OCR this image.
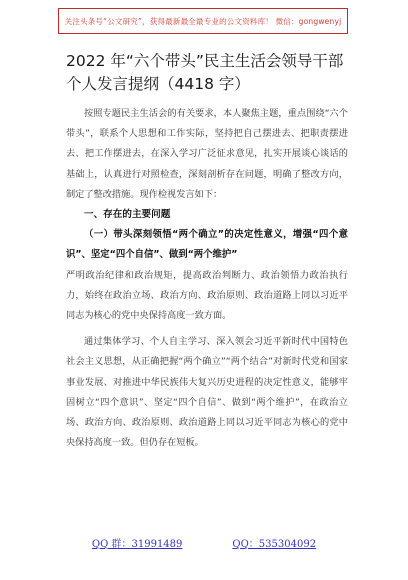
关注头条号“公文研究”，获得最新最全最专业的公文资料库！ 微信：gongwenyj
2022 年“六个带头”民主生活会领导干部个人发言提纲（4418 字）

按照专题民主生活会的有关要求，本人聚焦主题，重点围绕“六个带头”，联系个人思想和工作实际，坚持把自己摆进去、把职责摆进去、把工作摆进去，在深入学习广泛征求意见，扎实开展谈心谈话的基础上，认真进行对照检查，深刻剖析存在问题，明确了整改方向，制定了整改措施。现作检视发言如下：

一、存在的主要问题

（一）带头深刻领悟“两个确立”的决定性意义，增强“四个意识”、坚定“四个自信”、做到“两个维护”

严明政治纪律和政治规矩，提高政治判断力、政治领悟力政治执行力，始终在政治立场、政治方向、政治原则、政治道路上同以习近平同志为核心的党中央保持高度一致方面。

通过集体学习、个人自主学习、深入领会习近平新时代中国特色社会主义思想，从正确把握“两个确立”“两个结合”对新时代党和国家事业发展、对推进中华民族伟大复兴历史进程的决定性意义，能够牢固树立“四个意识”、坚定“四个自信”、做到“两个维护”，在政治立场、政治方向、政治原则、政治道路上同以习近平同志为核心的党中央保持高度一致。但仍存在短板。

QQ 群：31991489	QQ：535304092
